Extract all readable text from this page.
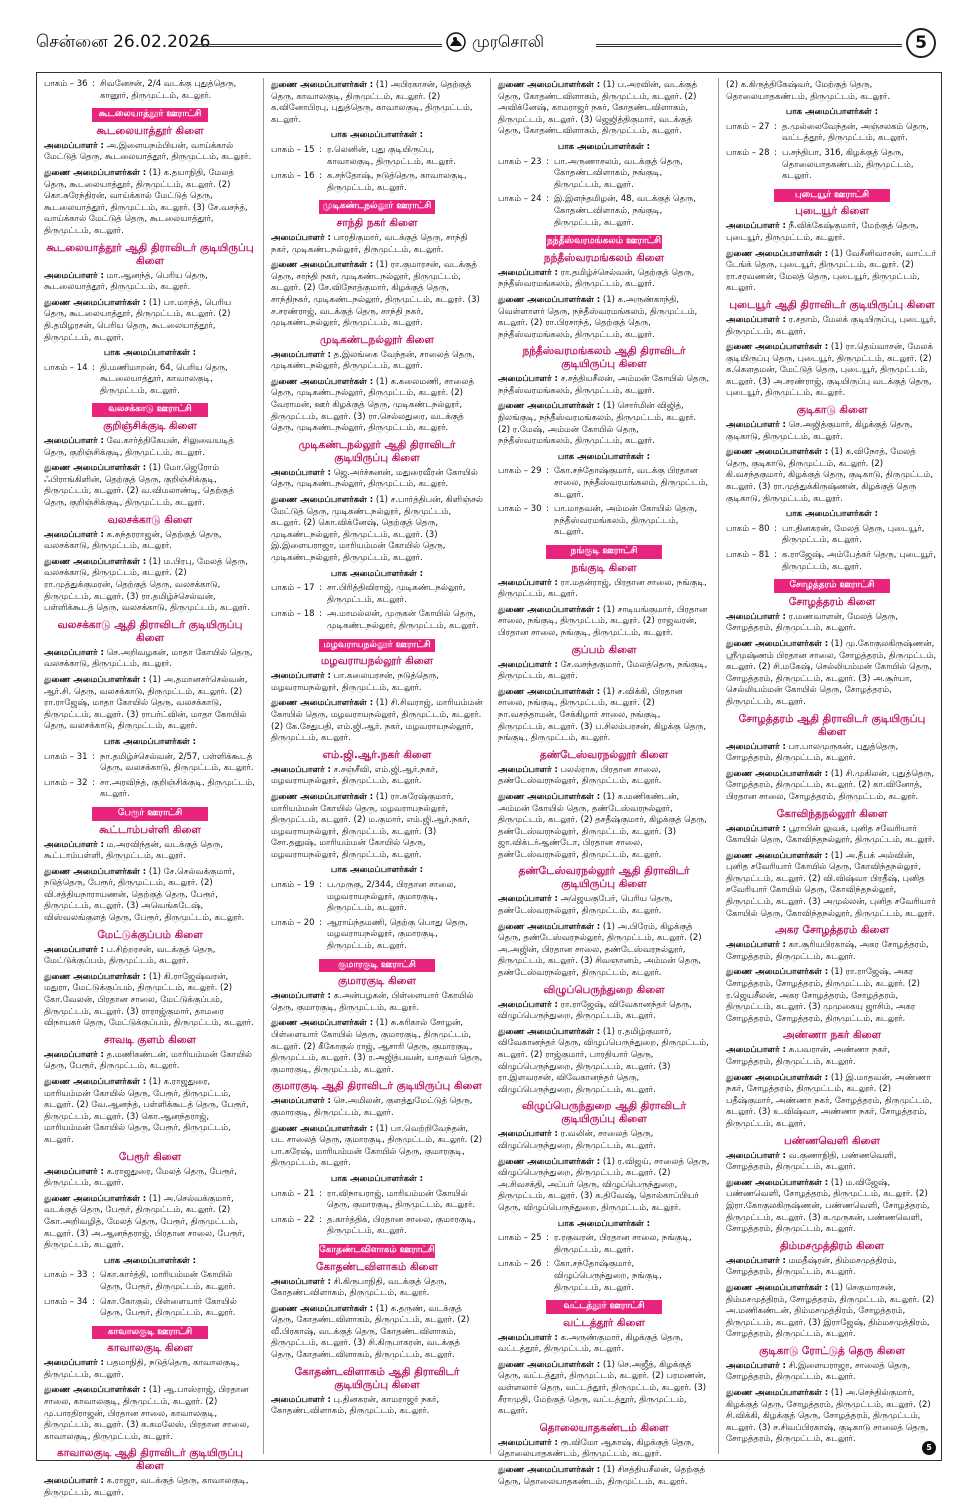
சென்னை 26.02.2026	முரசொலி	5
பாகம் – 36 : சிவனேசன், 2/4 வடக்கு புதுத்தெரு, கானூர், திருமுட்டம், கடலூர்.
கூடலையாத்தூர் ஊராட்சி
கூடலையாத்தூர் கிளை
அமைப்பாளர் : அ.இளையநம்பியன், வாய்க்கால் மேட்டுத் தெரு, கூடலையாத்தூர், திருமுட்டம், கடலூர்.
துணை அமைப்பாளர்கள் : (1) க.தயாநிதி, மேலத் தெரு, கூடலையாத்தூர், திருமுட்டம், கடலூர். (2) கொ.சுரேந்திரன், வாய்க்கால் மேட்டுத் தெரு, கூடலையாத்தூர், திருமுட்டம், கடலூர். (3) சே.வசந்த், வாய்க்கால் மேட்டுத் தெரு, கூடலையாத்தூர், திருமுட்டம், கடலூர்.
கூடலையாத்தூர் ஆதி திராவிடர் குடியிருப்பு கிளை
அமைப்பாளர் : மா.ஆனந்த், பெரிய தெரு, கூடலையாத்தூர், திருமுட்டம், கடலூர்.
துணை அமைப்பாளர்கள் : (1) பா.மாந்த், பெரிய தெரு, கூடலையாத்தூர், திருமுட்டம், கடலூர். (2) தி.தமிழரசன், பெரிய தெரு, கூடலையாத்தூர், திருமுட்டம், கடலூர்.
பாக அமைப்பாளர்கள் :
பாகம் – 14 : தி.மணிமாறன், 64, பெரிய தெரு, கூடலையாத்தூர், காவாலகுடி, திருமுட்டம், கடலூர்.
வலசக்காடு ஊராட்சி
குறிஞ்சிக்குடி கிளை
அமைப்பாளர் : வே.கார்த்திகேயன், சிலுவையடித் தெரு, குறிஞ்சிக்குடி, திருமுட்டம், கடலூர்.
துணை அமைப்பாளர்கள் : (1) மோ.ஜெரோம் ஃபிராங்கிளின், தெற்குத் தெரு, குறிஞ்சிக்குடி, திருமுட்டம், கடலூர். (2) வ.விமலாண்டி, தெற்குத் தெரு, குறிஞ்சிக்குடி, திருமுட்டம், கடலூர்.
வலசக்காடு கிளை
அமைப்பாளர் : க.சுந்தரராஜன், தெற்குத் தெரு, வலசக்காடு, திருமுட்டம், கடலூர்.
துணை அமைப்பாளர்கள் : (1) ம.பிரபு, மேலத் தெரு, வலசக்காடு, திருமுட்டம், கடலூர். (2) ரா.முத்துக்குமரன், தெற்குத் தெரு, வலசக்காடு, திருமுட்டம், கடலூர். (3) ரா.தமிழ்ச்செல்வன், பள்ளிக்கூடத் தெரு, வலசக்காடு, திருமுட்டம், கடலூர்.
வலசக்காடு ஆதி திராவிடர் குடியிருப்பு கிளை
அமைப்பாளர் : செ.அறிவழகன், மாதா கோயில் தெரு, வலசக்காடு, திருமுட்டம், கடலூர்.
துணை அமைப்பாளர்கள் : (1) அ.தமானசர்செல்வன், ஆர்.சி. தெரு, வலசக்காடு, திருமுட்டம், கடலூர். (2) ரா.ராஜேஷ், மாதா கோயில் தெரு, வலசக்காடு, திருமுட்டம், கடலூர். (3) ராபர்ட்வின், மாதா கோயில் தெரு, வலசக்காடு, திருமுட்டம், கடலூர்.
பாக அமைப்பாளர்கள் :
பாகம் – 31 : நா.தமிழ்ச்செல்வன், 2/57, பள்ளிக்கூடத் தெரு, வலசக்காடு, திருமுட்டம், கடலூர்.
பாகம் – 32 : சா.அரவிந்த், குறிஞ்சிக்குடி, திருமுட்டம், கடலூர்.
பேரூர் ஊராட்சி
கூட்டாம்பள்ளி கிளை
அமைப்பாளர் : ம.அரவிந்தன், வடக்குத் தெரு, கூட்டாம்பள்ளி, திருமுட்டம், கடலூர்.
துணை அமைப்பாளர்கள் : (1) சே.செல்வக்குமார், நடுத்தெரு, பேரூர், திருமுட்டம், கடலூர். (2) வி.சத்தியநாராயணன், தெற்குத் தெரு, பேரூர், திருமுட்டம், கடலூர். (3) அவெங்கடேஷ், விஸ்வலங்குளத் தெரு, பேரூர், திருமுட்டம், கடலூர்.
மேட்டுக்குப்பம் கிளை
அமைப்பாளர் : ப.சிற்றரசன், வடக்குத் தெரு, மேட்டுக்குப்பம், திருமுட்டம், கடலூர்.
துணை அமைப்பாளர்கள் : (1) கி.ராஜேஷ்வரன், மதுரா, மேட்டுக்குப்பம், திருமுட்டம், கடலூர். (2) கோ.வேலன், பிரதான சாலை, மேட்டுக்குப்பம், திருமுட்டம், கடலூர். (3) ராராஜ்குமார், தாமரை விநாயகர் தெரு, மேட்டுக்குப்பம், திருமுட்டம், கடலூர்.
சாவடி குளம் கிளை
அமைப்பாளர் : த.மணிகண்டன், மாரியம்மன் கோயில் தெரு, பேரூர், திருமுட்டம், கடலூர்.
துணை அமைப்பாளர்கள் : (1) க.ராஜதுரை, மாரியம்மன் கோயில் தெரு, பேரூர், திருமுட்டம், கடலூர். (2) வே.ஆனந்த், பள்ளிக்கூடத் தெரு, பேரூர், திருமுட்டம், கடலூர். (3) கொ.ஆனந்தராஜ், மாரியம்மன் கோயில் தெரு, பேரூர், திருமுட்டம், கடலூர்.
பேரூர் கிளை
அமைப்பாளர் : க.ராஜதுரை, மேலத் தெரு, பேரூர், திருமுட்டம், கடலூர்.
துணை அமைப்பாளர்கள் : (1) அ.செல்வக்குமார், வடக்குத் தெரு, பேரூர், திருமுட்டம், கடலூர். (2) கோ.அறிவழித், மேலத் தெரு, பேரூர், திருமுட்டம், கடலூர். (3) அ.ஆனந்தராஜ், பிரதான சாலை, பேரூர், திருமுட்டம், கடலூர்.
பாக அமைப்பாளர்கள் :
பாகம் – 33 : கொ.கார்த்தி, மாரியம்மன் கோயில் தெரு, பேரூர், திருமுட்டம், கடலூர்.
பாகம் – 34 : கொ.கோகுல், பிள்ளையார் கோயில் தெரு, பேரூர், திருமுட்டம், கடலூர்.
காவாலகுடி ஊராட்சி
காவாலகுடி கிளை
அமைப்பாளர் : பதமாநிதி, நடுத்தெரு, காவாலகுடி, திருமுட்டம், கடலூர்.
துணை அமைப்பாளர்கள் : (1) ஆ.பாஸ்ராஜ், பிரதான சாலை, காவாலகுடி, திருமுட்டம், கடலூர். (2) மு.பாரதிராஜன், பிரதான சாலை, காவாலகுடி, திருமுட்டம், கடலூர். (3) க.கமலேஸ், பிரதான சாலை, காவாலகுடி, திருமுட்டம், கடலூர்.
காவாலகுடி ஆதி திராவிடர் குடியிருப்பு கிளை
அமைப்பாளர் : க.ராஜா, வடக்குத் தெரு, காவாலகுடி, திருமுட்டம், கடலூர்.
துணை அமைப்பாளர்கள் : (1) அபிரகாசன், தெற்குத் தெரு, காவாலகுடி, திருமுட்டம், கடலூர். (2) க.வினோபிரபு, புதுத்தெரு, காவாலகுடி, திருமுட்டம், கடலூர்.
பாக அமைப்பாளர்கள் :
பாகம் – 15 : ர.லெனின், புது குடியிருப்பு, காவாலகுடி, திருமுட்டம், கடலூர்.
பாகம் – 16 : க.சந்தோஷ், நடுத்தெரு, காவாலகுடி, திருமுட்டம், கடலூர்.
முடிகண்டநல்லூர் ஊராட்சி
சாந்தி நகர் கிளை
அமைப்பாளர் : பாரதிகுமார், வடக்குத் தெரு, சாந்தி நகர், முடிகண்டநல்லூர், திருமுட்டம், கடலூர்.
துணை அமைப்பாளர்கள் : (1) ரா.குமாரசன், வடக்குத் தெரு, சாந்தி நகர், முடிகண்டநல்லூர், திருமுட்டம், கடலூர். (2) சே.விநோத்குமார், கிழக்குத் தெரு, சாந்திநகர், முடிகண்டநல்லூர், திருமுட்டம், கடலூர். (3) ச.சரண்ராஜ், வடக்குத் தெரு, சாந்தி நகர், முடிகண்டநல்லூர், திருமுட்டம், கடலூர்.
முடிகண்டநல்லூர் கிளை
அமைப்பாளர் : த.இலங்கை வேந்தன், சாலைத் தெரு, முடிகண்டநல்லூர், திருமுட்டம், கடலூர்.
துணை அமைப்பாளர்கள் : (1) க.கலைமணி, சாலைத் தெரு, முடிகண்டநல்லூர், திருமுட்டம், கடலூர். (2) வேராமன், ஊர் கிழக்குத் தெரு, முடிகண்டநல்லூர், திருமுட்டம், கடலூர். (3) ரா.செல்லதுரை, வடக்குத் தெரு, முடிகண்டநல்லூர், திருமுட்டம், கடலூர்.
முடிகண்டநல்லூர் ஆதி திராவிடர் குடியிருப்பு கிளை
அமைப்பாளர் : ஜெ.அர்ச்சுனன், மதுரைவீரன் கோயில் தெரு, முடிகண்டநல்லூர், திருமுட்டம், கடலூர்.
துணை அமைப்பாளர்கள் : (1) ச.பார்த்திபன், கிளிஞ்சல் மேட்டுத் தெரு, முடிகண்டநல்லூர், திருமுட்டம், கடலூர். (2) கொ.விக்னேஷ், தெற்குத் தெரு, முடிகண்டநல்லூர், திருமுட்டம், கடலூர். (3) இ.இளையராஜா, மாரியம்மன் கோயில் தெரு, முடிகண்டநல்லூர், திருமுட்டம், கடலூர்.
பாக அமைப்பாளர்கள் :
பாகம் – 17 : சா.பிரித்திவிராஜ், முடிகண்டநல்லூர், திருமுட்டம், கடலூர்.
பாகம் – 18 : அ.மாமல்லன், முருகன் கோயில் தெரு, முடிகண்டநல்லூர், திருமுட்டம், கடலூர்.
மழவராயநல்லூர் ஊராட்சி
மழவராயநல்லூர் கிளை
அமைப்பாளர் : பா.கலையரசன், நடுத்தெரு, மழவராயநல்லூர், திருமுட்டம், கடலூர்.
துணை அமைப்பாளர்கள் : (1) சி.சிவராஜ், மாரியம்மன் கோயில் தெரு, மழவராயநல்லூர், திருமுட்டம், கடலூர். (2) கே.சேதுபதி, எம்.ஜி.ஆர். நகர், மழவராயநல்லூர், திருமுட்டம், கடலூர்.
எம்.ஜி.ஆர்.நகர் கிளை
அமைப்பாளர் : ச.சஞ்சீவி, எம்.ஜி.ஆர்.நகர், மழவராயநல்லூர், திருமுட்டம், கடலூர்.
துணை அமைப்பாளர்கள் : (1) ரா.சுரேஷ்குமார், மாரியம்மன் கோயில் தெரு, மழவராயநல்லூர், திருமுட்டம், கடலூர். (2) ம.குமார், எம்.ஜி.ஆர்.நகர், மழவராயநல்லூர், திருமுட்டம், கடலூர். (3) சோ.தனுஷ், மாரியம்மன் கோயில் தெரு, மழவராயநல்லூர், திருமுட்டம், கடலூர்.
பாக அமைப்பாளர்கள் :
பாகம் – 19 : ப.முருகு, 2/344, பிரதான சாலை, மழவராயநல்லூர், குமாரகுடி, திருமுட்டம், கடலூர்.
பாகம் – 20 : ஆராய்ந்தமணி, தெற்கு பொது தெரு, மழவராயநல்லூர், குமாரகுடி, திருமுட்டம், கடலூர்.
குமாரகுடி ஊராட்சி
குமாரகுடி கிளை
அமைப்பாளர் : க.அன்பழகன், பிள்ளையார் கோயில் தெரு, குமாரகுடி, திருமுட்டம், கடலூர்.
துணை அமைப்பாளர்கள் : (1) சு.கரிகால் சோழன், பிள்ளையார் கோயில் தெரு, குமாரகுடி, திருமுட்டம், கடலூர். (2) கீகோகுல் ராஜ், ஆசாரி தெரு, குமாரகுடி, திருமுட்டம், கடலூர். (3) ர.அஜித்பவன், யாதவர் தெரு, குமாரகுடி, திருமுட்டம், கடலூர்.
குமாரகுடி ஆதி திராவிடர் குடியிருப்பு கிளை
அமைப்பாளர் : செ.அமிலன், குளத்துமேட்டுத் தெரு, குமாரகுடி, திருமுட்டம், கடலூர்.
துணை அமைப்பாளர்கள் : (1) பா.வெற்றிவேந்தன், பட சாலைத் தெரு, குமாரகுடி, திருமுட்டம், கடலூர். (2) பா.சுரேஷ், மாரியம்மன் கோயில் தெரு, குமாரகுடி, திருமுட்டம், கடலூர்.
பாக அமைப்பாளர்கள் :
பாகம் – 21 : ரா.விநாயராஜ், மாரியம்மன் கோயில் தெரு, குமாரகுடி, திருமுட்டம், கடலூர்.
பாகம் – 22 : த.கார்த்திக், பிரதான சாலை, குமாரகுடி, திருமுட்டம், கடலூர்.
கோதண்டவிளாகம் ஊராட்சி
கோதண்டவிளாகம் கிளை
அமைப்பாளர் : சி.கிருபாநிதி, வடக்குத் தெரு, கோதண்டவிளாகம், திருமுட்டம், கடலூர்.
துணை அமைப்பாளர்கள் : (1) க.தருண், வடக்குத் தெரு, கோதண்டவிளாகம், திருமுட்டம், கடலூர். (2) வீ.பிரகாஷ், வடக்குத் தெரு, கோதண்டவிளாகம், திருமுட்டம், கடலூர். (3) சி.கிருபாகரன், வடக்குத் தெரு, கோதண்டவிளாகம், திருமுட்டம், கடலூர்.
கோதண்டவிளாகம் ஆதி திராவிடர் குடியிருப்பு கிளை
அமைப்பாளர் : பு.தினகரன், காமராஜர் நகர், கோதண்டவிளாகம், திருமுட்டம், கடலூர்.
துணை அமைப்பாளர்கள் : (1) ப.அரவின், வடக்குத் தெரு, கோதண்டவிளாகம், திருமுட்டம், கடலூர். (2) அவிக்னேஷ், காமராஜர் நகர், கோதண்டவிளாகம், திருமுட்டம், கடலூர். (3) ஜெஜித்திகுமார், வடக்குத் தெரு, கோதண்டவிளாகம், திருமுட்டம், கடலூர்.
பாக அமைப்பாளர்கள் :
பாகம் – 23 : பா.அருணாசலம், வடக்குத் தெரு, கோதண்டவிளாகம், நங்குடி, திருமுட்டம், கடலூர்.
பாகம் – 24 : இ.இளந்தமிழன், 48, வடக்குத் தெரு, கோதண்டவிளாகம், நங்குடி, திருமுட்டம், கடலூர்.
நந்தீஸ்வரமங்கலம் ஊராட்சி
நந்தீஸ்வரமங்கலம் கிளை
அமைப்பாளர் : ரா.தமிழ்ச்செல்வன், தெற்குத் தெரு, நந்தீஸ்வரமங்கலம், திருமுட்டம், கடலூர்.
துணை அமைப்பாளர்கள் : (1) க.அருண்காந்தி, வெள்ளாளர் தெரு, நந்தீஸ்வரமங்கலம், திருமுட்டம், கடலூர். (2) ரா.பிரசாந்த், தெற்குத் தெரு, நந்தீஸ்வரமங்கலம், திருமுட்டம், கடலூர்.
நந்தீஸ்வரமங்கலம் ஆதி திராவிடர் குடியிருப்பு கிளை
அமைப்பாளர் : ச.சத்தியசீலன், அம்மன் கோயில் தெரு, நந்தீஸ்வரமங்கலம், திருமுட்டம், கடலூர்.
துணை அமைப்பாளர்கள் : (1) சொர்மின் விஜித், நிலங்குடி, நந்தீஸ்வரமங்கலம், திருமுட்டம், கடலூர். (2) ர.மேஷ், அம்மன் கோயில் தெரு, நந்தீஸ்வரமங்கலம், திருமுட்டம், கடலூர்.
பாக அமைப்பாளர்கள் :
பாகம் – 29 : கோ.சந்தோஷ்குமார், வடக்கு பிரதான சாலை, நந்தீஸ்வரமங்கலம், திருமுட்டம், கடலூர்.
பாகம் – 30 : பா.மாதவன், அம்மன் கோயில் தெரு, நந்தீஸ்வரமங்கலம், திருமுட்டம், கடலூர்.
நங்குடி ஊராட்சி
நங்குடி கிளை
அமைப்பாளர் : ரா.மதன்ராஜ், பிரதான சாலை, நங்குடி, திருமுட்டம், கடலூர்.
துணை அமைப்பாளர்கள் : (1) சாடியங்குமார், பிரதான சாலை, நங்குடி, திருமுட்டம், கடலூர். (2) ராஜவரன், பிரதான சாலை, நங்குடி, திருமுட்டம், கடலூர்.
குப்பம் கிளை
அமைப்பாளர் : சே.வசந்தகுமார், மேலத்தெரு, நங்குடி, திருமுட்டம், கடலூர்.
துணை அமைப்பாளர்கள் : (1) ச.விக்கி, பிரதான சாலை, நங்குடி, திருமுட்டம், கடலூர். (2) நா.வசந்தாமன், சேக்கிழார் சாலை, நங்குடி, திருமுட்டம், கடலூர். (3) ப.சிலம்பரசன், கிழக்கு தெரு, நங்குடி, திருமுட்டம், கடலூர்.
தண்டேஸ்வரநல்லூர் கிளை
அமைப்பாளர் : பலல்ராசு, பிரதான சாலை, தண்டேஸ்வரநல்லூர், திருமுட்டம், கடலூர்.
துணை அமைப்பாளர்கள் : (1) க.மணிகண்டன், அம்மன் கோயில் தெரு, தண்டேஸ்வரநல்லூர், திருமுட்டம், கடலூர். (2) தசதீஷ்குமார், கிழக்குத் தெரு, தண்டேஸ்வரநல்லூர், திருமுட்டம், கடலூர். (3) ஜா.விக்டர்ஆண்டோ, பிரதான சாலை, தண்டேஸ்வரநல்லூர், திருமுட்டம், கடலூர்.
தண்டேஸ்வரநல்லூர் ஆதி திராவிடர் குடியிருப்பு கிளை
அமைப்பாளர் : அஜெயகுபேர், பெரிய தெரு, தண்டேஸ்வரநல்லூர், திருமுட்டம், கடலூர்.
துணை அமைப்பாளர்கள் : (1) அ.பிரேம், கிழக்குத் தெரு, தண்டேஸ்வரநல்லூர், திருமுட்டம், கடலூர். (2) அ.அஜின், பிரதான சாலை, தண்டேஸ்வரநல்லூர், திருமுட்டம், கடலூர். (3) சிவஞானம், அம்மன் தெரு, தண்டேஸ்வரநல்லூர், திருமுட்டம், கடலூர்.
விழுப்பெருந்துறை கிளை
அமைப்பாளர் : ரா.ராஜேஷ், விவேகானந்தர் தெரு, விழுப்பெருந்துறை, திருமுட்டம், கடலூர்.
துணை அமைப்பாளர்கள் : (1) ர.தமிழ்குமார், விவேகானந்தர் தெரு, விழுப்பெருந்துறை, திருமுட்டம், கடலூர். (2) ராஜ்குமார், பாரதியார் தெரு, விழுப்பெருந்துறை, திருமுட்டம், கடலூர். (3) ரா.இளவரசன், விவேகானந்தர் தெரு, விழுப்பெருந்துறை, திருமுட்டம், கடலூர்.
விழுப்பெருந்துறை ஆதி திராவிடர் குடியிருப்பு கிளை
அமைப்பாளர் : ர.வலின், சாலைத் தெரு, விழுப்பெருந்துறை, திருமுட்டம், கடலூர்.
துணை அமைப்பாளர்கள் : (1) ர.விஜய், சாலைத் தெரு, விழுப்பெருந்துறை, திருமுட்டம், கடலூர். (2) அ.சிவசக்தி, அப்பர் தெரு, விழுப்பெருந்துறை, திருமுட்டம், கடலூர். (3) க.திவேஷ், தொல்காப்பியர் தெரு, விழுப்பெருந்துறை, திருமுட்டம், கடலூர்.
பாக அமைப்பாளர்கள் :
பாகம் – 25 : ர.ரகுவரன், பிரதான சாலை, நங்குடி, திருமுட்டம், கடலூர்.
பாகம் – 26 : கோ.சந்தோஷ்குமார், விழுப்பெருந்துறை, நங்குடி, திருமுட்டம், கடலூர்.
வட்டத்தூர் ஊராட்சி
வட்டத்தூர் கிளை
அமைப்பாளர் : க.அருண்குமார், கிழக்குத் தெரு, வட்டத்தூர், திருமுட்டம், கடலூர்.
துணை அமைப்பாளர்கள் : (1) செ.அஜீத், கிழக்குத் தெரு, வட்டத்தூர், திருமுட்டம், கடலூர். (2) பரமணன், வள்ளலார் தெரு, வட்டத்தூர், திருமுட்டம், கடலூர். (3) சீராமுதி, மேற்குத் தெரு, வட்டத்தூர், திருமுட்டம், கடலூர்.
தொலையாதகண்டம் கிளை
அமைப்பாளர் : ரூ.விமோ ஆகாஷ், கிழக்குத் தெரு, தொலையாதகண்டம், திருமுட்டம், கடலூர்.
துணை அமைப்பாளர்கள் : (1) சிசத்தியசீலன், தெற்குத் தெரு, தொலையாதகண்டம், திருமுட்டம், கடலூர்.
(2) க.கிருத்திகேஷ்வர், மேற்குத் தெரு, தொலையாதகண்டம், திருமுட்டம், கடலூர்.
பாக அமைப்பாளர்கள் :
பாகம் – 27 : த.முல்லைவேந்தன், அஞ்சலகம் தெரு, வட்டத்தூர், திருமுட்டம், கடலூர்.
பாகம் – 28 : ப.சந்திபா, 316, கிழக்குத் தெரு, தொலையாதகண்டம், திருமுட்டம், கடலூர்.
புடையூர் ஊராட்சி
புடையூர் கிளை
அமைப்பாளர் : நீ.விக்கேஷ்குமார், மேற்குத் தெரு, புடையூர், திருமுட்டம், கடலூர்.
துணை அமைப்பாளர்கள் : (1) வேசீனிவாசன், வாட்டர் டேங்க் தெரு, புடையூர், திருமுட்டம், கடலூர். (2) ரா.சரவணன், மேலத் தெரு, புடையூர், திருமுட்டம், கடலூர்.
புடையூர் ஆதி திராவிடர் குடியிருப்பு கிளை
அமைப்பாளர் : ர.சதாம், மேலக் குடியிருப்பு, புடையூர், திருமுட்டம், கடலூர்.
துணை அமைப்பாளர்கள் : (1) ரா.தெய்வாசன், மேலக் குடியிருப்பு தெரு, புடையூர், திருமுட்டம், கடலூர். (2) க.கௌதமன், மேட்டுத் தெரு, புடையூர், திருமுட்டம், கடலூர். (3) அ.சரண்ராஜ், குடியிருப்பு வடக்குத் தெரு, புடையூர், திருமுட்டம், கடலூர்.
குடிகாடு கிளை
அமைப்பாளர் : செ.அஜித்குமார், கிழக்குத் தெரு, குடிகாடு, திருமுட்டம், கடலூர்.
துணை அமைப்பாளர்கள் : (1) க.விநோத், மேலத் தெரு, குடிகாடு, திருமுட்டம், கடலூர். (2) கி.வசந்தகுமார், கிழக்குத் தெரு, குடிகாடு, திருமுட்டம், கடலூர். (3) ரா.முத்துக்கிருஷ்ணன், கிழக்குத் தெரு குடிகாடு, திருமுட்டம், கடலூர்.
பாக அமைப்பாளர்கள் :
பாகம் – 80 : பா.தினகரன், மேலத் தெரு, புடையூர், திருமுட்டம், கடலூர்.
பாகம் – 81 : க.ராஜேஷ், அம்பேத்கர் தெரு, புடையூர், திருமுட்டம், கடலூர்.
சோழத்தரம் ஊராட்சி
சோழத்தரம் கிளை
அமைப்பாளர் : ர.மணவாளன், மேலத் தெரு, சோழத்தரம், திருமுட்டம், கடலூர்.
துணை அமைப்பாளர்கள் : (1) மு.கோகுலகிருஷ்ணன், ஸ்ரீமுஷ்ணம் பிரதான சாலை, சோழத்தரம், திருமுட்டம், கடலூர். (2) சி.மகேஷ், செல்லியம்மன் கோயில் தெரு, சோழத்தரம், திருமுட்டம், கடலூர். (3) அ.சூர்யா, செல்லியம்மன் கோயில் தெரு, சோழத்தரம், திருமுட்டம், கடலூர்.
சோழத்தரம் ஆதி திராவிடர் குடியிருப்பு கிளை
அமைப்பாளர் : பா.பாலமுருகன், புதுத்தெரு, சோழத்தரம், திருமுட்டம், கடலூர்.
துணை அமைப்பாளர்கள் : (1) சி.முகிலன், புதுத்தெரு, சோழத்தரம், திருமுட்டம், கடலூர். (2) கா.வினோத், பிரதான சாலை, சோழத்தரம், திருமுட்டம், கடலூர்.
கோவிந்தநல்லூர் கிளை
அமைப்பாளர் : பூராபின் லுவக், புனித சவேரியார் கோயில் தெரு, கோவிந்தநல்லூர், திருமுட்டம், கடலூர்.
துணை அமைப்பாளர்கள் : (1) அ.தீபக் அல்வின், புனித சவேரியார் கோயில் தெரு, கோவிந்தநல்லூர், திருமுட்டம், கடலூர். (2) வி.விஷ்வா பிரதீஷ், புனித சவேரியார் கோயில் தெரு, கோவிந்தநல்லூர், திருமுட்டம், கடலூர். (3) அமுல்லன், புனித சவேரியார் கோயில் தெரு, கோவிந்தநல்லூர், திருமுட்டம், கடலூர்.
அகர சோழத்தரம் கிளை
அமைப்பாளர் : கா.சூரியபிரகாஷ், அகர சோழத்தரம், சோழத்தரம், திருமுட்டம், கடலூர்.
துணை அமைப்பாளர்கள் : (1) ரா.ராஜேஷ், அகர சோழத்தரம், சோழத்தரம், திருமுட்டம், கடலூர். (2) ர.ஜெயசீலன், அகர சோழத்தரம், சோழத்தரம், திருமுட்டம், கடலூர். (3) முமுகையு ஜாசிம், அகர சோழத்தரம், சோழத்தரம், திருமுட்டம், கடலூர்.
அண்ணா நகர் கிளை
அமைப்பாளர் : சு.பவரான், அண்ணா நகர், சோழத்தரம், திருமுட்டம், கடலூர்.
துணை அமைப்பாளர்கள் : (1) இ.மாதவன், அண்ணா நகர், சோழத்தரம், திருமுட்டம், கடலூர். (2) பதீஷ்குமார், அண்ணா நகர், சோழத்தரம், திருமுட்டம், கடலூர். (3) உ.விஷ்வா, அண்ணா நகர், சோழத்தரம், திருமுட்டம், கடலூர்.
பண்ணவெளி கிளை
அமைப்பாளர் : வ.குணாநிதி, பண்ணவெளி, சோழத்தரம், திருமுட்டம், கடலூர்.
துணை அமைப்பாளர்கள் : (1) ம.விஜேஷ், பண்ணவெளி, சோழத்தரம், திருமுட்டம், கடலூர். (2) இரா.கோகுலகிருஷ்ணன், பண்ணவெளி, சோழத்தரம், திருமுட்டம், கடலூர். (3) க.முருகன், பண்ணவெளி, சோழத்தரம், திருமுட்டம், கடலூர்.
திம்மசமுத்திரம் கிளை
அமைப்பாளர் : மமதீஷ்ரன், திம்மசமுத்திரம், சோழத்தரம், திருமுட்டம், கடலூர்.
துணை அமைப்பாளர்கள் : (1) செகுமாரசன், திம்மசமுத்திரம், சோழத்தரம், திருமுட்டம், கடலூர். (2) அ.மணிகண்டன், திம்மசமுத்திரம், சோழத்தரம், திருமுட்டம், கடலூர். (3) இராஜேஷ், திம்மசமுத்திரம், சோழத்தரம், திருமுட்டம், கடலூர்.
குடிகாடு ரோட்டுத் தெரு கிளை
அமைப்பாளர் : சி.இளையராஜா, சாலைத் தெரு, சோழத்தரம், திருமுட்டம், கடலூர்.
துணை அமைப்பாளர்கள் : (1) அ.செந்தில்குமார், கிழக்குத் தெரு, சோழத்தரம், திருமுட்டம், கடலூர். (2) சி.விக்கி, கிழக்குத் தெரு, சோழத்தரம், திருமுட்டம், கடலூர். (3) ச.சிவப்பிரகாஷ், குடிகாடு சாலைத் தெரு, சோழத்தரம், திருமுட்டம், கடலூர்.
5
